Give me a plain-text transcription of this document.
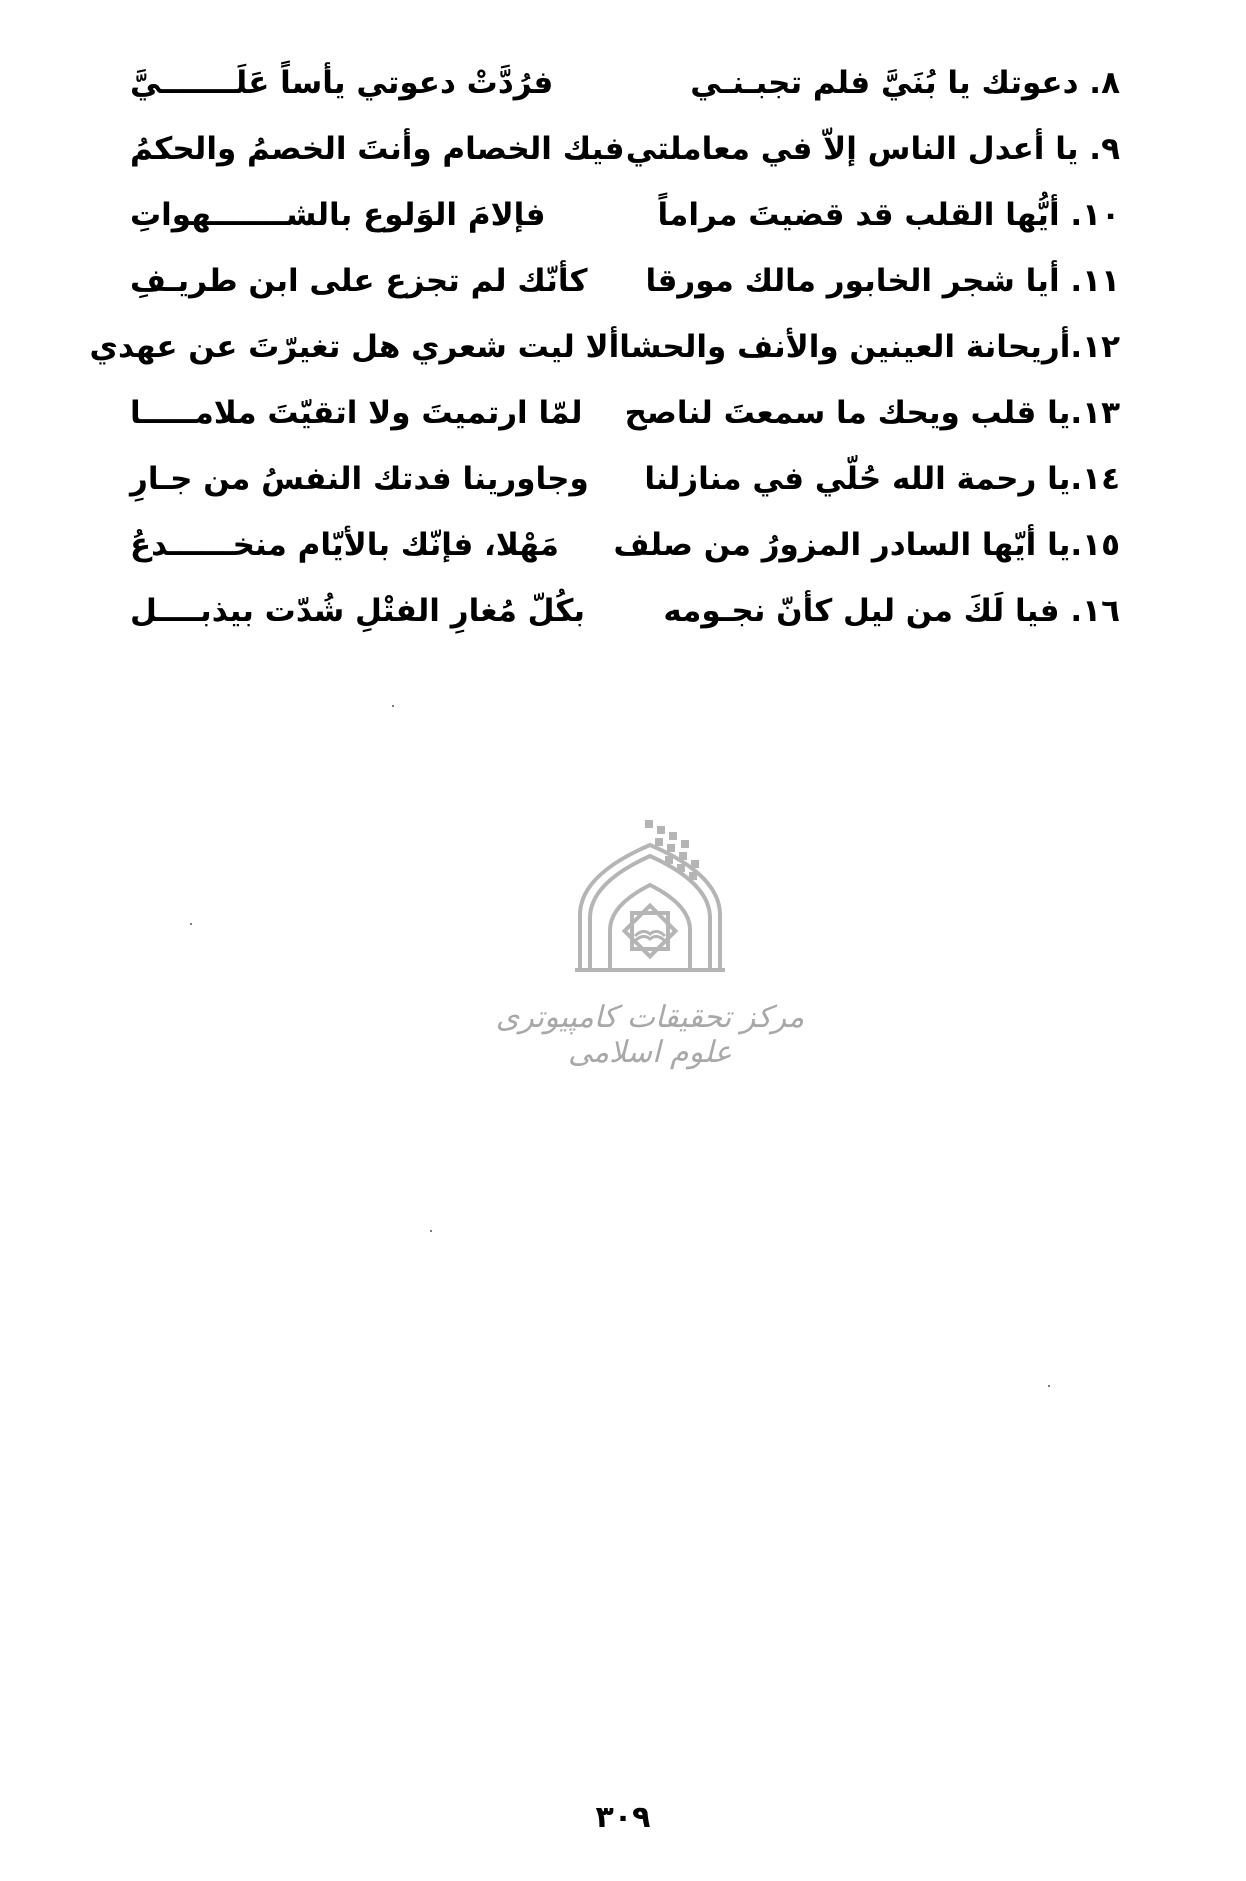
٨. دعوتك يا بُنَيَّ فلم تجبـنـي
فرُدَّتْ دعوتي يأساً عَلَـــــــيَّ
٩. يا أعدل الناس إلاّ في معاملتي
فيك الخصام وأنتَ الخصمُ والحكمُ
١٠. أيُّها القلب قد قضيتَ مراماً
فإلامَ الوَلوع بالشـــــــهواتِ
١١. أيا شجر الخابور مالك مورقا
كأنّك لم تجزع على ابن طريـفِ
١٢.أريحانة العينين والأنف والحشا
ألا ليت شعري هل تغيرّتَ عن عهدي
١٣.يا قلب ويحك ما سمعتَ لناصح
لمّا ارتميتَ ولا اتقيّتَ ملامـــــا
١٤.يا رحمة الله حُلّي في منازلنا
وجاورينا فدتك النفسُ من جـارِ
١٥.يا أيّها السادر المزورُ من صلف
مَهْلا، فإنّك بالأيّام منخــــــدعُ
١٦. فيا لَكَ من ليل كأنّ نجـومه
بكُلّ مُغارِ الفتْلِ شُدّت بيذبــــل
مرکز تحقیقات کامپیوتری علوم اسلامی
٣٠٩
